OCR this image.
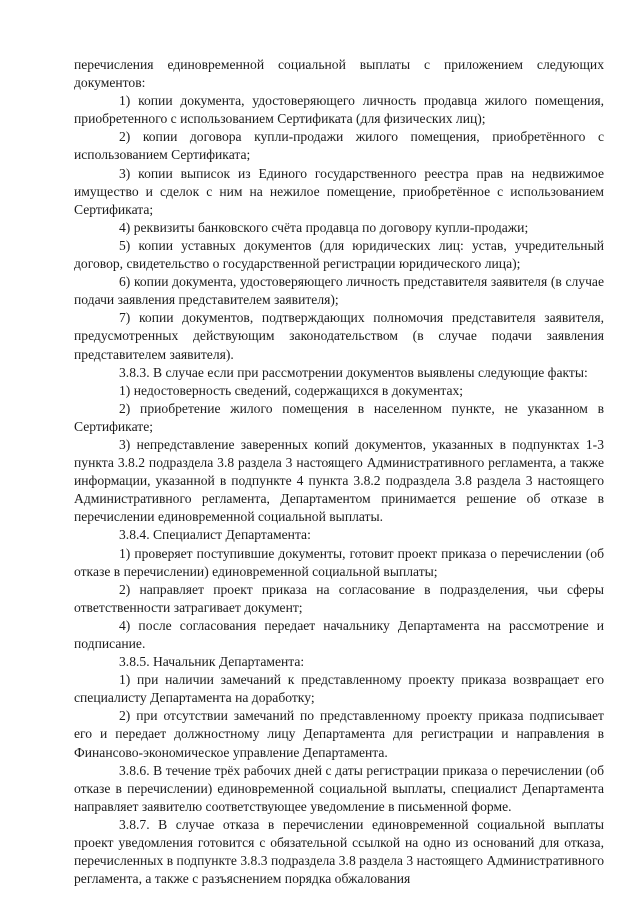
перечисления единовременной социальной выплаты с приложением следующих документов:

1) копии документа, удостоверяющего личность продавца жилого помещения, приобретенного с использованием Сертификата (для физических лиц);

2) копии договора купли-продажи жилого помещения, приобретённого с использованием Сертификата;

3) копии выписок из Единого государственного реестра прав на недвижимое имущество и сделок с ним на нежилое помещение, приобретённое с использованием Сертификата;

4) реквизиты банковского счёта продавца по договору купли-продажи;

5) копии уставных документов (для юридических лиц: устав, учредительный договор, свидетельство о государственной регистрации юридического лица);

6) копии документа, удостоверяющего личность представителя заявителя (в случае подачи заявления представителем заявителя);

7) копии документов, подтверждающих полномочия представителя заявителя, предусмотренных действующим законодательством (в случае подачи заявления представителем заявителя).

3.8.3. В случае если при рассмотрении документов выявлены следующие факты:

1) недостоверность сведений, содержащихся в документах;

2) приобретение жилого помещения в населенном пункте, не указанном в Сертификате;

3) непредставление заверенных копий документов, указанных в подпунктах 1-3 пункта 3.8.2 подраздела 3.8 раздела 3 настоящего Административного регламента, а также информации, указанной в подпункте 4 пункта 3.8.2 подраздела 3.8 раздела 3 настоящего Административного регламента, Департаментом принимается решение об отказе в перечислении единовременной социальной выплаты.

3.8.4. Специалист Департамента:

1) проверяет поступившие документы, готовит проект приказа о перечислении (об отказе в перечислении) единовременной социальной выплаты;

2) направляет проект приказа на согласование в подразделения, чьи сферы ответственности затрагивает документ;

4) после согласования передает начальнику Департамента на рассмотрение и подписание.

3.8.5. Начальник Департамента:

1) при наличии замечаний к представленному проекту приказа возвращает его специалисту Департамента на доработку;

2) при отсутствии замечаний по представленному проекту приказа подписывает его и передает должностному лицу Департамента для регистрации и направления в Финансово-экономическое управление Департамента.

3.8.6. В течение трёх рабочих дней с даты регистрации приказа о перечислении (об отказе в перечислении) единовременной социальной выплаты, специалист Департамента направляет заявителю соответствующее уведомление в письменной форме.

3.8.7. В случае отказа в перечислении единовременной социальной выплаты проект уведомления готовится с обязательной ссылкой на одно из оснований для отказа, перечисленных в подпункте 3.8.3 подраздела 3.8 раздела 3 настоящего Административного регламента, а также с разъяснением порядка обжалования
